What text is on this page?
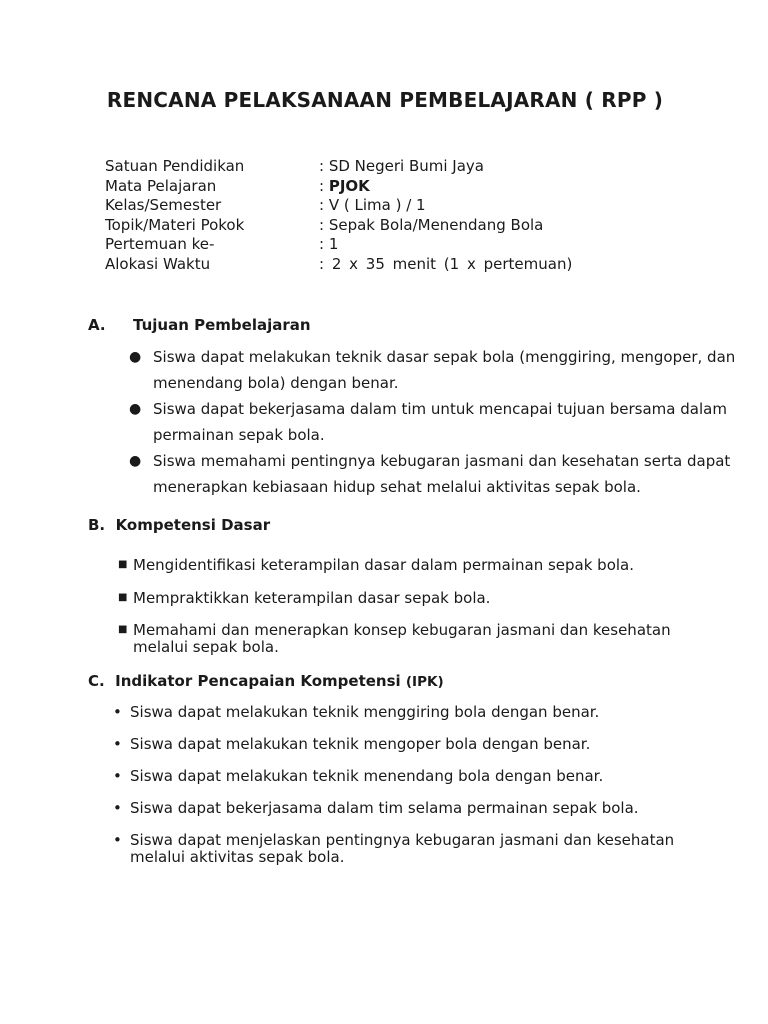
RENCANA PELAKSANAAN PEMBELAJARAN ( RPP )
Satuan Pendidikan	: SD Negeri Bumi Jaya
Mata Pelajaran	: PJOK
Kelas/Semester	: V ( Lima ) / 1
Topik/Materi Pokok	: Sepak Bola/Menendang Bola
Pertemuan ke-	: 1
Alokasi Waktu	: 2 x 35 menit (1 x pertemuan)
A. Tujuan Pembelajaran
● Siswa dapat melakukan teknik dasar sepak bola (menggiring, mengoper, dan menendang bola) dengan benar.
● Siswa dapat bekerjasama dalam tim untuk mencapai tujuan bersama dalam permainan sepak bola.
● Siswa memahami pentingnya kebugaran jasmani dan kesehatan serta dapat menerapkan kebiasaan hidup sehat melalui aktivitas sepak bola.
B.  Kompetensi Dasar
■ Mengidentifikasi keterampilan dasar dalam permainan sepak bola.
■ Mempraktikkan keterampilan dasar sepak bola.
■ Memahami dan menerapkan konsep kebugaran jasmani dan kesehatan melalui sepak bola.
C.  Indikator Pencapaian Kompetensi (IPK)
• Siswa dapat melakukan teknik menggiring bola dengan benar.
• Siswa dapat melakukan teknik mengoper bola dengan benar.
• Siswa dapat melakukan teknik menendang bola dengan benar.
• Siswa dapat bekerjasama dalam tim selama permainan sepak bola.
• Siswa dapat menjelaskan pentingnya kebugaran jasmani dan kesehatan melalui aktivitas sepak bola.
